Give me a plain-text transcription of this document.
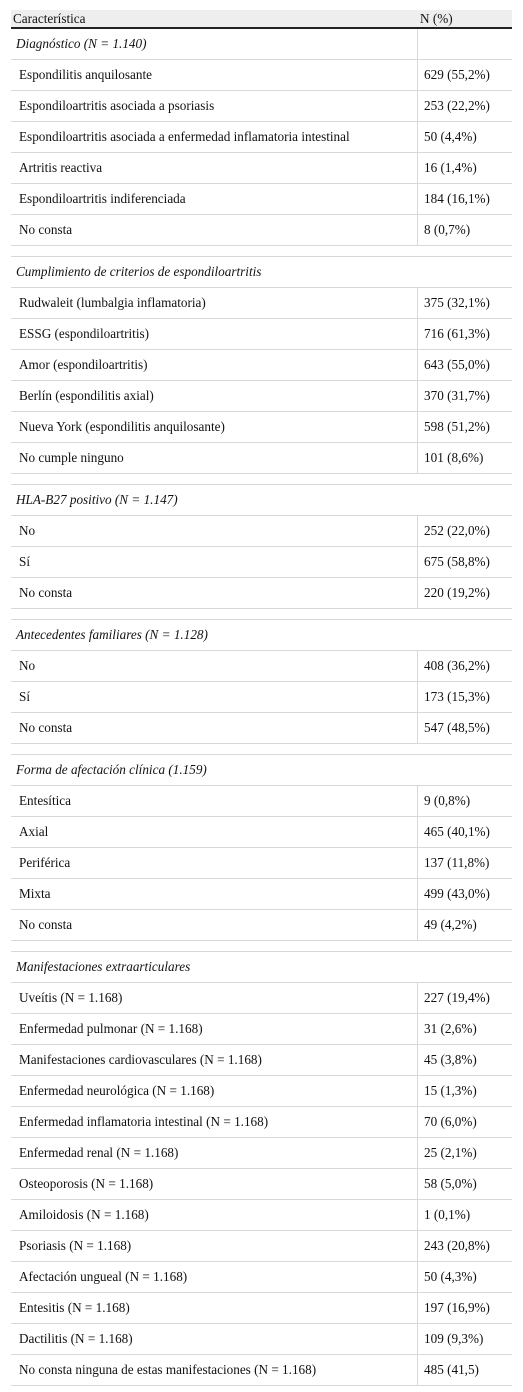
Característica	N (%)
Diagnóstico (N = 1.140)
Espondilitis anquilosante	629 (55,2%)
Espondiloartritis asociada a psoriasis	253 (22,2%)
Espondiloartritis asociada a enfermedad inflamatoria intestinal	50 (4,4%)
Artritis reactiva	16 (1,4%)
Espondiloartritis indiferenciada	184 (16,1%)
No consta	8 (0,7%)
Cumplimiento de criterios de espondiloartritis
Rudwaleit (lumbalgia inflamatoria)	375 (32,1%)
ESSG (espondiloartritis)	716 (61,3%)
Amor (espondiloartritis)	643 (55,0%)
Berlín (espondilitis axial)	370 (31,7%)
Nueva York (espondilitis anquilosante)	598 (51,2%)
No cumple ninguno	101 (8,6%)
HLA-B27 positivo (N = 1.147)
No	252 (22,0%)
Sí	675 (58,8%)
No consta	220 (19,2%)
Antecedentes familiares (N = 1.128)
No	408 (36,2%)
Sí	173 (15,3%)
No consta	547 (48,5%)
Forma de afectación clínica (1.159)
Entesítica	9 (0,8%)
Axial	465 (40,1%)
Periférica	137 (11,8%)
Mixta	499 (43,0%)
No consta	49 (4,2%)
Manifestaciones extraarticulares
Uveítis (N = 1.168)	227 (19,4%)
Enfermedad pulmonar (N = 1.168)	31 (2,6%)
Manifestaciones cardiovasculares (N = 1.168)	45 (3,8%)
Enfermedad neurológica (N = 1.168)	15 (1,3%)
Enfermedad inflamatoria intestinal (N = 1.168)	70 (6,0%)
Enfermedad renal (N = 1.168)	25 (2,1%)
Osteoporosis (N = 1.168)	58 (5,0%)
Amiloidosis (N = 1.168)	1 (0,1%)
Psoriasis (N = 1.168)	243 (20,8%)
Afectación ungueal (N = 1.168)	50 (4,3%)
Entesitis (N = 1.168)	197 (16,9%)
Dactilitis (N = 1.168)	109 (9,3%)
No consta ninguna de estas manifestaciones (N = 1.168)	485 (41,5)
